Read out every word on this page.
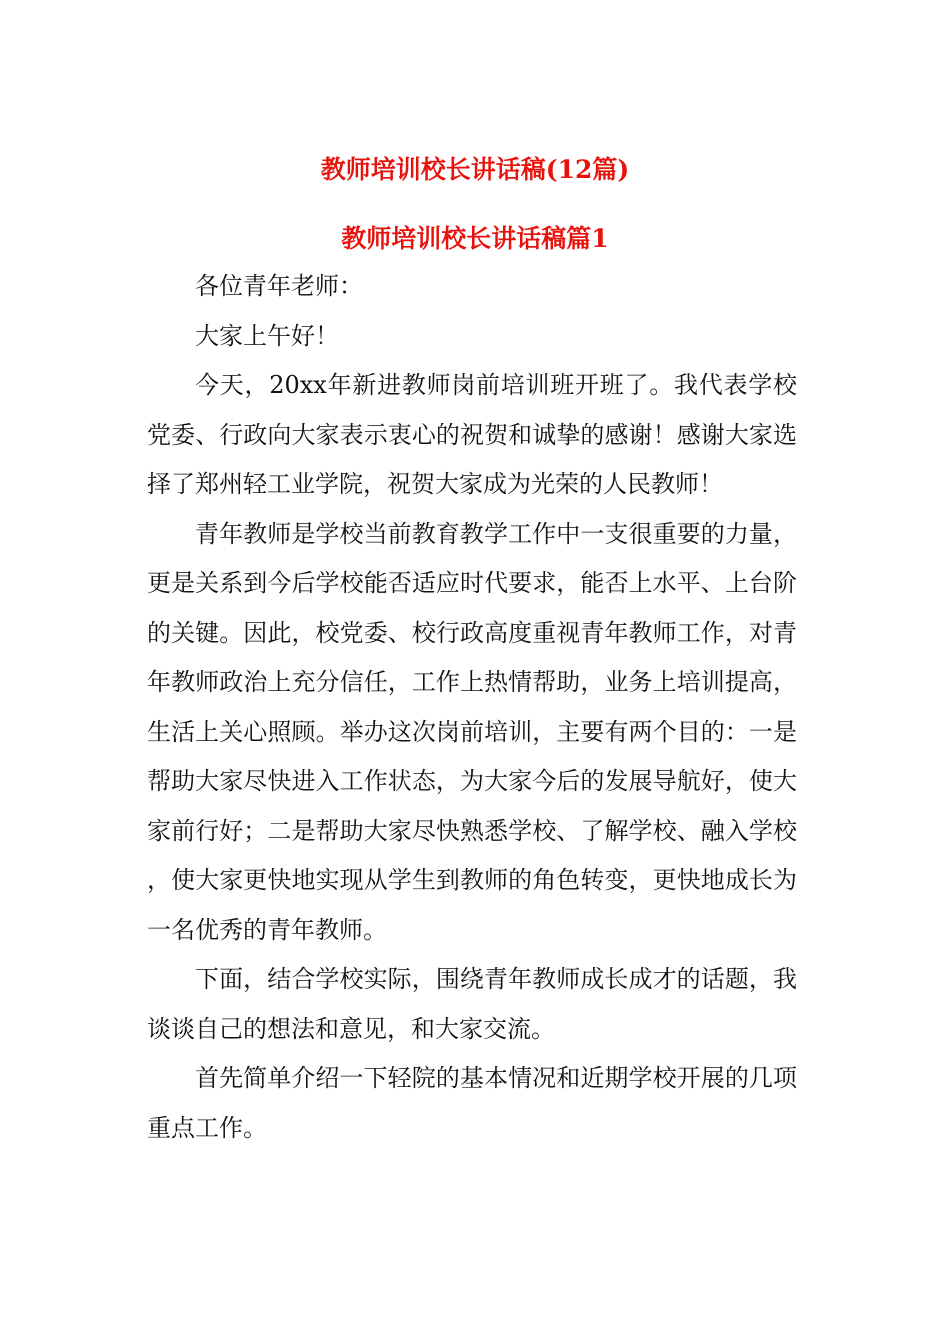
教师培训校长讲话稿(12篇)
教师培训校长讲话稿篇1

各位青年老师：

大家上午好！

今天，20xx年新进教师岗前培训班开班了。我代表学校党委、行政向大家表示衷心的祝贺和诚挚的感谢！感谢大家选择了郑州轻工业学院，祝贺大家成为光荣的人民教师！

青年教师是学校当前教育教学工作中一支很重要的力量，更是关系到今后学校能否适应时代要求，能否上水平、上台阶的关键。因此，校党委、校行政高度重视青年教师工作，对青年教师政治上充分信任，工作上热情帮助，业务上培训提高，生活上关心照顾。举办这次岗前培训，主要有两个目的：一是帮助大家尽快进入工作状态，为大家今后的发展导航好，使大家前行好；二是帮助大家尽快熟悉学校、了解学校、融入学校，使大家更快地实现从学生到教师的角色转变，更快地成长为一名优秀的青年教师。

下面，结合学校实际，围绕青年教师成长成才的话题，我谈谈自己的想法和意见，和大家交流。

首先简单介绍一下轻院的基本情况和近期学校开展的几项重点工作。
